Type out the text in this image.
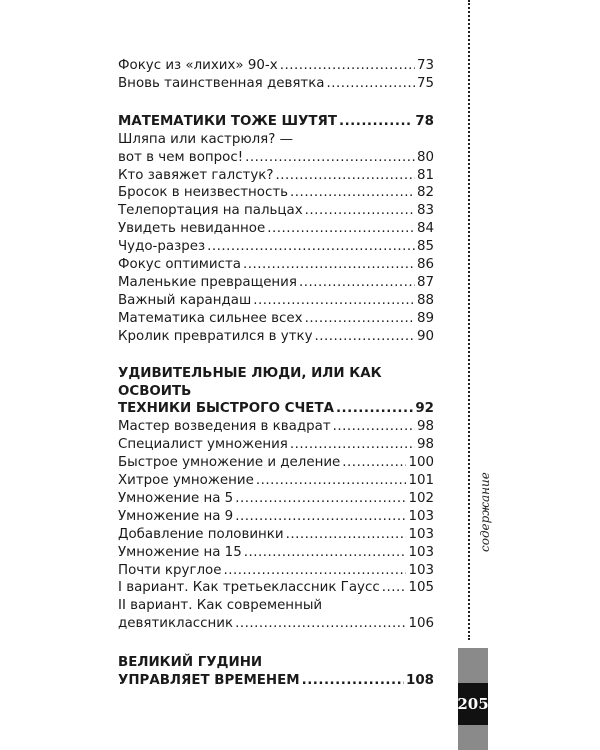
Фокус из «лихих» 90-х .....	73
Вновь таинственная девятка .....	75
МАТЕМАТИКИ ТОЖЕ ШУТЯТ .....	78
Шляпа или кастрюля? —
вот в чем вопрос! .....	80
Кто завяжет галстук? .....	81
Бросок в неизвестность .....	82
Телепортация на пальцах .....	83
Увидеть невиданное .....	84
Чудо-разрез .....	85
Фокус оптимиста .....	86
Маленькие превращения .....	87
Важный карандаш .....	88
Математика сильнее всех .....	89
Кролик превратился в утку .....	90
УДИВИТЕЛЬНЫЕ ЛЮДИ, ИЛИ КАК ОСВОИТЬ
ТЕХНИКИ БЫСТРОГО СЧЕТА .....	92
Мастер возведения в квадрат .....	98
Специалист умножения .....	98
Быстрое умножение и деление .....	100
Хитрое умножение .....	101
Умножение на 5 .....	102
Умножение на 9 .....	103
Добавление половинки .....	103
Умножение на 15 .....	103
Почти круглое .....	103
I вариант. Как третьеклассник Гаусс ..... 105
II вариант. Как современный
девятиклассник .....	106
ВЕЛИКИЙ ГУДИНИ
УПРАВЛЯЕТ ВРЕМЕНЕМ .....	108
содержание
205
